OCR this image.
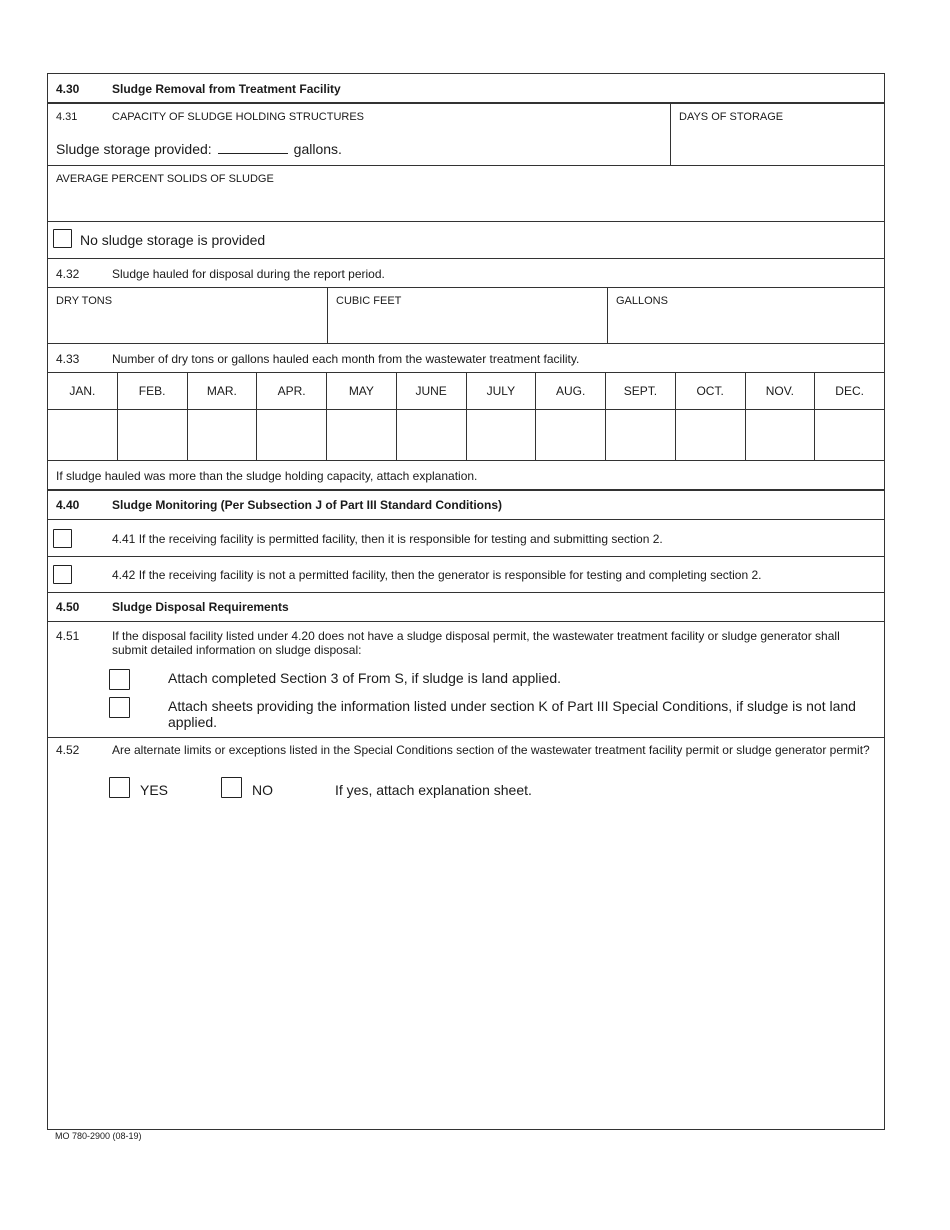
4.30	Sludge Removal from Treatment Facility
4.31	CAPACITY OF SLUDGE HOLDING STRUCTURES
Sludge storage provided:	gallons.
DAYS OF STORAGE
AVERAGE PERCENT SOLIDS OF SLUDGE
No sludge storage is provided
4.32	Sludge hauled for disposal during the report period.
DRY TONS	CUBIC FEET	GALLONS
4.33	Number of dry tons or gallons hauled each month from the wastewater treatment facility.
JAN.	FEB.	MAR.	APR.	MAY	JUNE	JULY	AUG.	SEPT.	OCT.	NOV.	DEC.
If sludge hauled was more than the sludge holding capacity, attach explanation.
4.40	Sludge Monitoring (Per Subsection J of Part III Standard Conditions)
4.41 If the receiving facility is permitted facility, then it is responsible for testing and submitting section 2.
4.42 If the receiving facility is not a permitted facility, then the generator is responsible for testing and completing section 2.
4.50	Sludge Disposal Requirements
4.51	If the disposal facility listed under 4.20 does not have a sludge disposal permit, the wastewater treatment facility or sludge generator shall submit detailed information on sludge disposal:
Attach completed Section 3 of From S, if sludge is land applied.
Attach sheets providing the information listed under section K of Part III Special Conditions, if sludge is not land applied.
4.52	Are alternate limits or exceptions listed in the Special Conditions section of the wastewater treatment facility permit or sludge generator permit?
YES	NO	If yes, attach explanation sheet.
MO 780-2900 (08-19)
